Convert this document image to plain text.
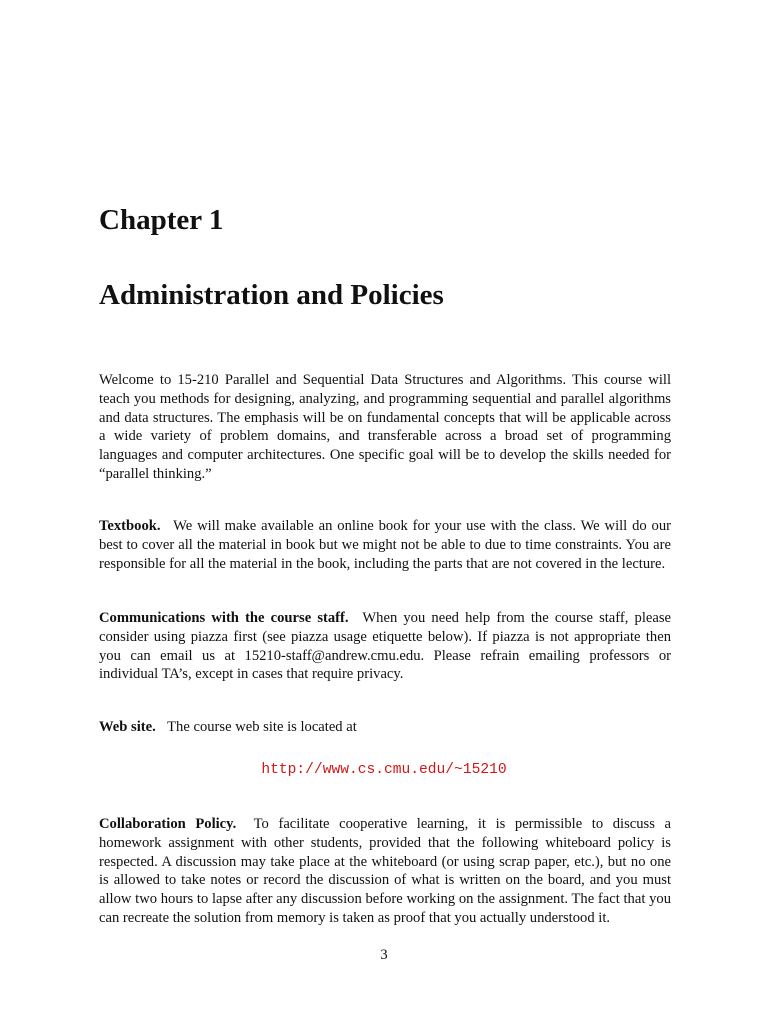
Chapter 1
Administration and Policies

Welcome to 15-210 Parallel and Sequential Data Structures and Algorithms. This course will teach you methods for designing, analyzing, and programming sequential and parallel algorithms and data structures. The emphasis will be on fundamental concepts that will be applicable across a wide variety of problem domains, and transferable across a broad set of programming languages and computer architectures. One specific goal will be to develop the skills needed for “parallel thinking.”

Textbook. We will make available an online book for your use with the class. We will do our best to cover all the material in book but we might not be able to due to time constraints. You are responsible for all the material in the book, including the parts that are not covered in the lecture.

Communications with the course staff. When you need help from the course staff, please consider using piazza first (see piazza usage etiquette below). If piazza is not appropriate then you can email us at 15210-staff@andrew.cmu.edu. Please refrain emailing professors or individual TA’s, except in cases that require privacy.

Web site. The course web site is located at

http://www.cs.cmu.edu/~15210

Collaboration Policy. To facilitate cooperative learning, it is permissible to discuss a homework assignment with other students, provided that the following whiteboard policy is respected. A discussion may take place at the whiteboard (or using scrap paper, etc.), but no one is allowed to take notes or record the discussion of what is written on the board, and you must allow two hours to lapse after any discussion before working on the assignment. The fact that you can recreate the solution from memory is taken as proof that you actually understood it.

3
